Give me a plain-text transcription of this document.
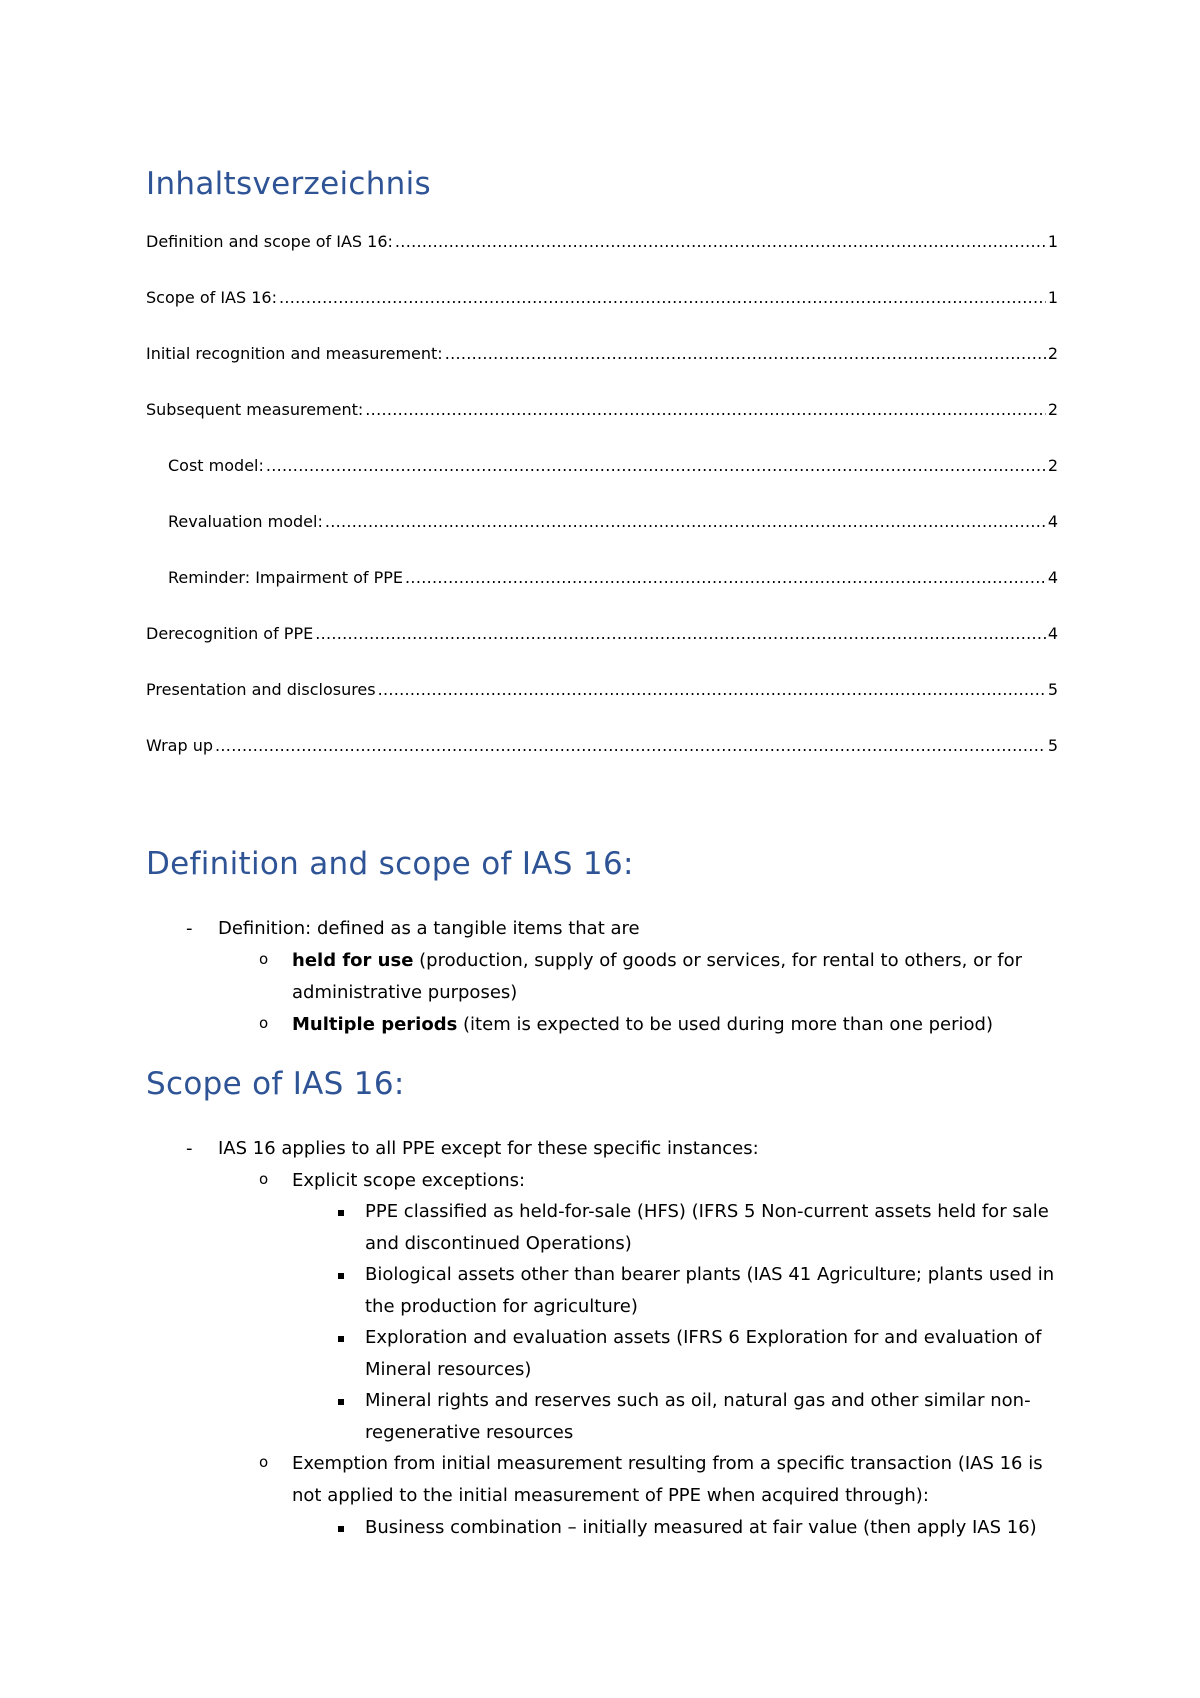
Inhaltsverzeichnis
Definition and scope of IAS 16: .....	1
Scope of IAS 16: .....	1
Initial recognition and measurement: .....	2
Subsequent measurement: .....	2
Cost model: .....	2
Revaluation model: .....	4
Reminder: Impairment of PPE .....	4
Derecognition of PPE .....	4
Presentation and disclosures .....	5
Wrap up .....	5
Definition and scope of IAS 16:
- Definition: defined as a tangible items that are
o held for use (production, supply of goods or services, for rental to others, or for
administrative purposes)
o Multiple periods (item is expected to be used during more than one period)
Scope of IAS 16:
- IAS 16 applies to all PPE except for these specific instances:
o Explicit scope exceptions:
PPE classified as held-for-sale (HFS) (IFRS 5 Non-current assets held for sale
and discontinued Operations)
Biological assets other than bearer plants (IAS 41 Agriculture; plants used in
the production for agriculture)
Exploration and evaluation assets (IFRS 6 Exploration for and evaluation of
Mineral resources)
Mineral rights and reserves such as oil, natural gas and other similar non-
regenerative resources
o Exemption from initial measurement resulting from a specific transaction (IAS 16 is
not applied to the initial measurement of PPE when acquired through):
Business combination – initially measured at fair value (then apply IAS 16)
